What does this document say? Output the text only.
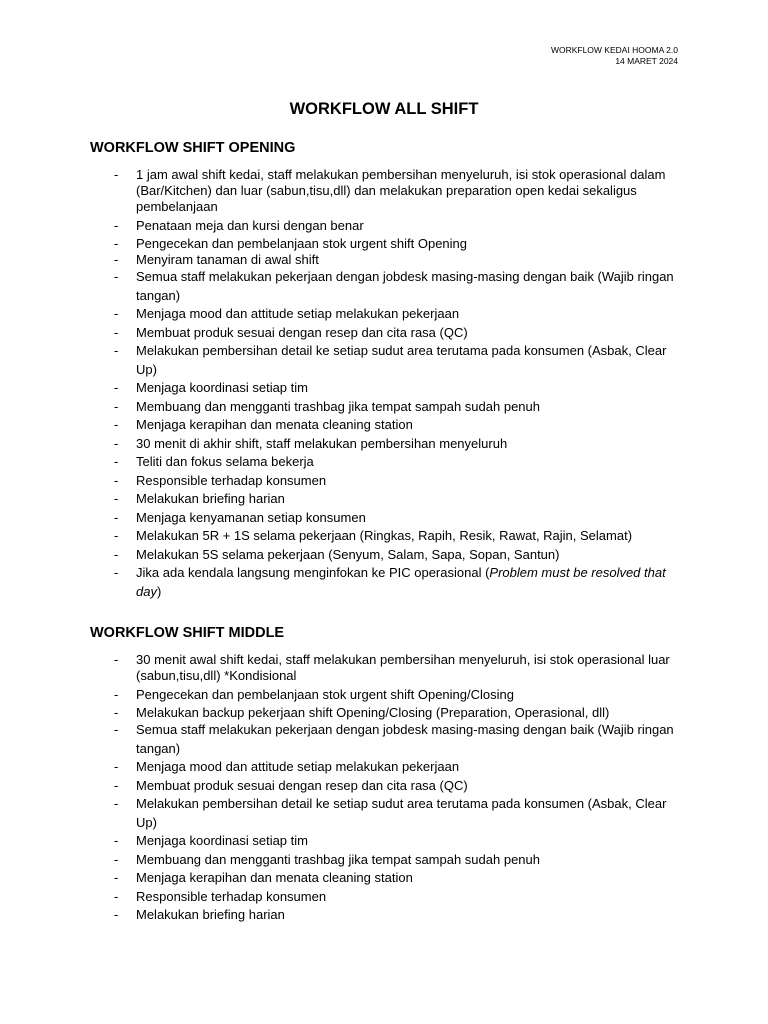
WORKFLOW KEDAI HOOMA 2.0
14 MARET 2024
WORKFLOW ALL SHIFT
WORKFLOW SHIFT OPENING
- 1 jam awal shift kedai, staff melakukan pembersihan menyeluruh, isi stok operasional dalam (Bar/Kitchen) dan luar (sabun,tisu,dll) dan melakukan preparation open kedai sekaligus pembelanjaan
- Penataan meja dan kursi dengan benar
- Pengecekan dan pembelanjaan stok urgent shift Opening
- Menyiram tanaman di awal shift
- Semua staff melakukan pekerjaan dengan jobdesk masing-masing dengan baik (Wajib ringan tangan)
- Menjaga mood dan attitude setiap melakukan pekerjaan
- Membuat produk sesuai dengan resep dan cita rasa (QC)
- Melakukan pembersihan detail ke setiap sudut area terutama pada konsumen (Asbak, Clear Up)
- Menjaga koordinasi setiap tim
- Membuang dan mengganti trashbag jika tempat sampah sudah penuh
- Menjaga kerapihan dan menata cleaning station
- 30 menit di akhir shift, staff melakukan pembersihan menyeluruh
- Teliti dan fokus selama bekerja
- Responsible terhadap konsumen
- Melakukan briefing harian
- Menjaga kenyamanan setiap konsumen
- Melakukan 5R + 1S selama pekerjaan (Ringkas, Rapih, Resik, Rawat, Rajin, Selamat)
- Melakukan 5S selama pekerjaan (Senyum, Salam, Sapa, Sopan, Santun)
- Jika ada kendala langsung menginfokan ke PIC operasional (Problem must be resolved that day)
WORKFLOW SHIFT MIDDLE
- 30 menit awal shift kedai, staff melakukan pembersihan menyeluruh, isi stok operasional luar (sabun,tisu,dll) *Kondisional
- Pengecekan dan pembelanjaan stok urgent shift Opening/Closing
- Melakukan backup pekerjaan shift Opening/Closing (Preparation, Operasional, dll)
- Semua staff melakukan pekerjaan dengan jobdesk masing-masing dengan baik (Wajib ringan tangan)
- Menjaga mood dan attitude setiap melakukan pekerjaan
- Membuat produk sesuai dengan resep dan cita rasa (QC)
- Melakukan pembersihan detail ke setiap sudut area terutama pada konsumen (Asbak, Clear Up)
- Menjaga koordinasi setiap tim
- Membuang dan mengganti trashbag jika tempat sampah sudah penuh
- Menjaga kerapihan dan menata cleaning station
- Responsible terhadap konsumen
- Melakukan briefing harian
